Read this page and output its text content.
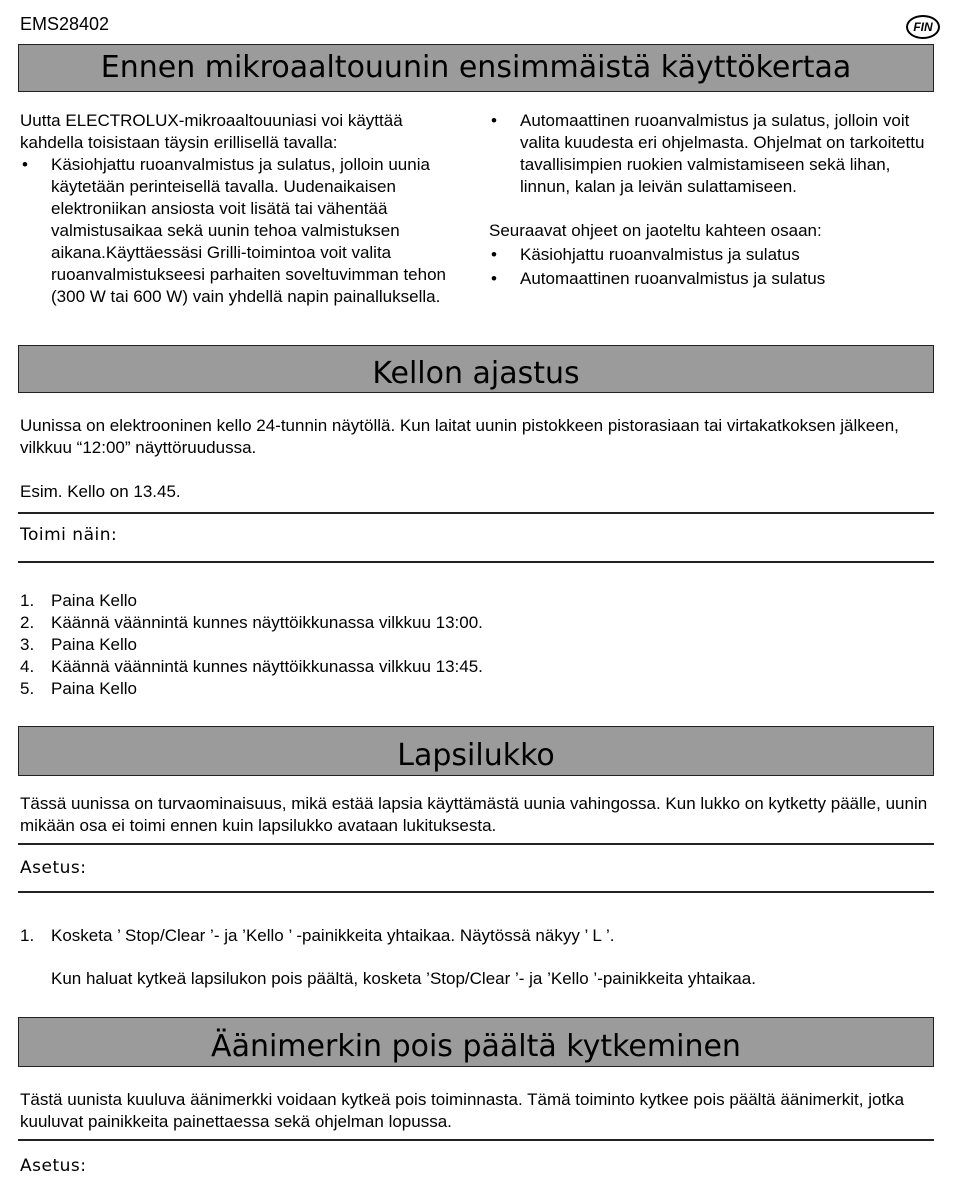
EMS28402	FIN
Ennen mikroaaltouunin ensimmäistä käyttökertaa
Uutta ELECTROLUX-mikroaaltouuniasi voi käyttää kahdella toisistaan täysin erillisellä tavalla:
• Käsiohjattu ruoanvalmistus ja sulatus, jolloin uunia käytetään perinteisellä tavalla. Uudenaikaisen elektroniikan ansiosta voit lisätä tai vähentää valmistusaikaa sekä uunin tehoa valmistuksen aikana.Käyttäessäsi Grilli-toimintoa voit valita ruoanvalmistukseesi parhaiten soveltuvimman tehon (300 W tai 600 W) vain yhdellä napin painalluksella.
• Automaattinen ruoanvalmistus ja sulatus, jolloin voit valita kuudesta eri ohjelmasta. Ohjelmat on tarkoitettu tavallisimpien ruokien valmistamiseen sekä lihan, linnun, kalan ja leivän sulattamiseen.
Seuraavat ohjeet on jaoteltu kahteen osaan:
• Käsiohjattu ruoanvalmistus ja sulatus
• Automaattinen ruoanvalmistus ja sulatus
Kellon ajastus
Uunissa on elektrooninen kello 24-tunnin näytöllä. Kun laitat uunin pistokkeen pistorasiaan tai virtakatkoksen jälkeen, vilkkuu “12:00” näyttöruudussa.
Esim. Kello on 13.45.
Toimi näin:
1. Paina Kello
2. Käännä väännintä kunnes näyttöikkunassa vilkkuu 13:00.
3. Paina Kello
4. Käännä väännintä kunnes näyttöikkunassa vilkkuu 13:45.
5. Paina Kello
Lapsilukko
Tässä uunissa on turvaominaisuus, mikä estää lapsia käyttämästä uunia vahingossa. Kun lukko on kytketty päälle, uunin mikään osa ei toimi ennen kuin lapsilukko avataan lukituksesta.
Asetus:
1. Kosketa ’ Stop/Clear ’- ja ’Kello ’ -painikkeita yhtaikaa. Näytössä näkyy ’ L ’.
Kun haluat kytkeä lapsilukon pois päältä, kosketa ’Stop/Clear ’- ja ’Kello ’-painikkeita yhtaikaa.
Äänimerkin pois päältä kytkeminen
Tästä uunista kuuluva äänimerkki voidaan kytkeä pois toiminnasta. Tämä toiminto kytkee pois päältä äänimerkit, jotka kuuluvat painikkeita painettaessa sekä ohjelman lopussa.
Asetus:
